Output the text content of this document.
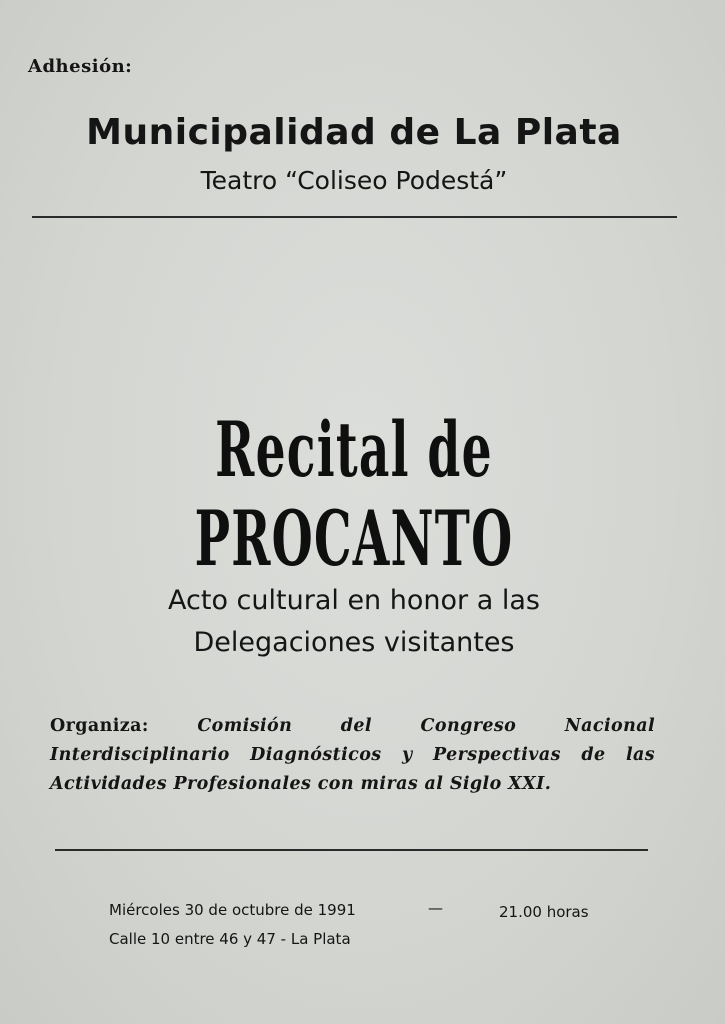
Adhesión:
Municipalidad de La Plata
Teatro “Coliseo Podestá”
Recital de PROCANTO
Acto cultural en honor a las
Delegaciones visitantes
Organiza:	Comisión del Congreso Nacional Interdisciplinario Diagnósticos y Perspectivas de las Actividades Profesionales con miras al Siglo XXI.
Miércoles 30 de octubre de 1991	—	21.00 horas
Calle 10 entre 46 y 47 - La Plata
